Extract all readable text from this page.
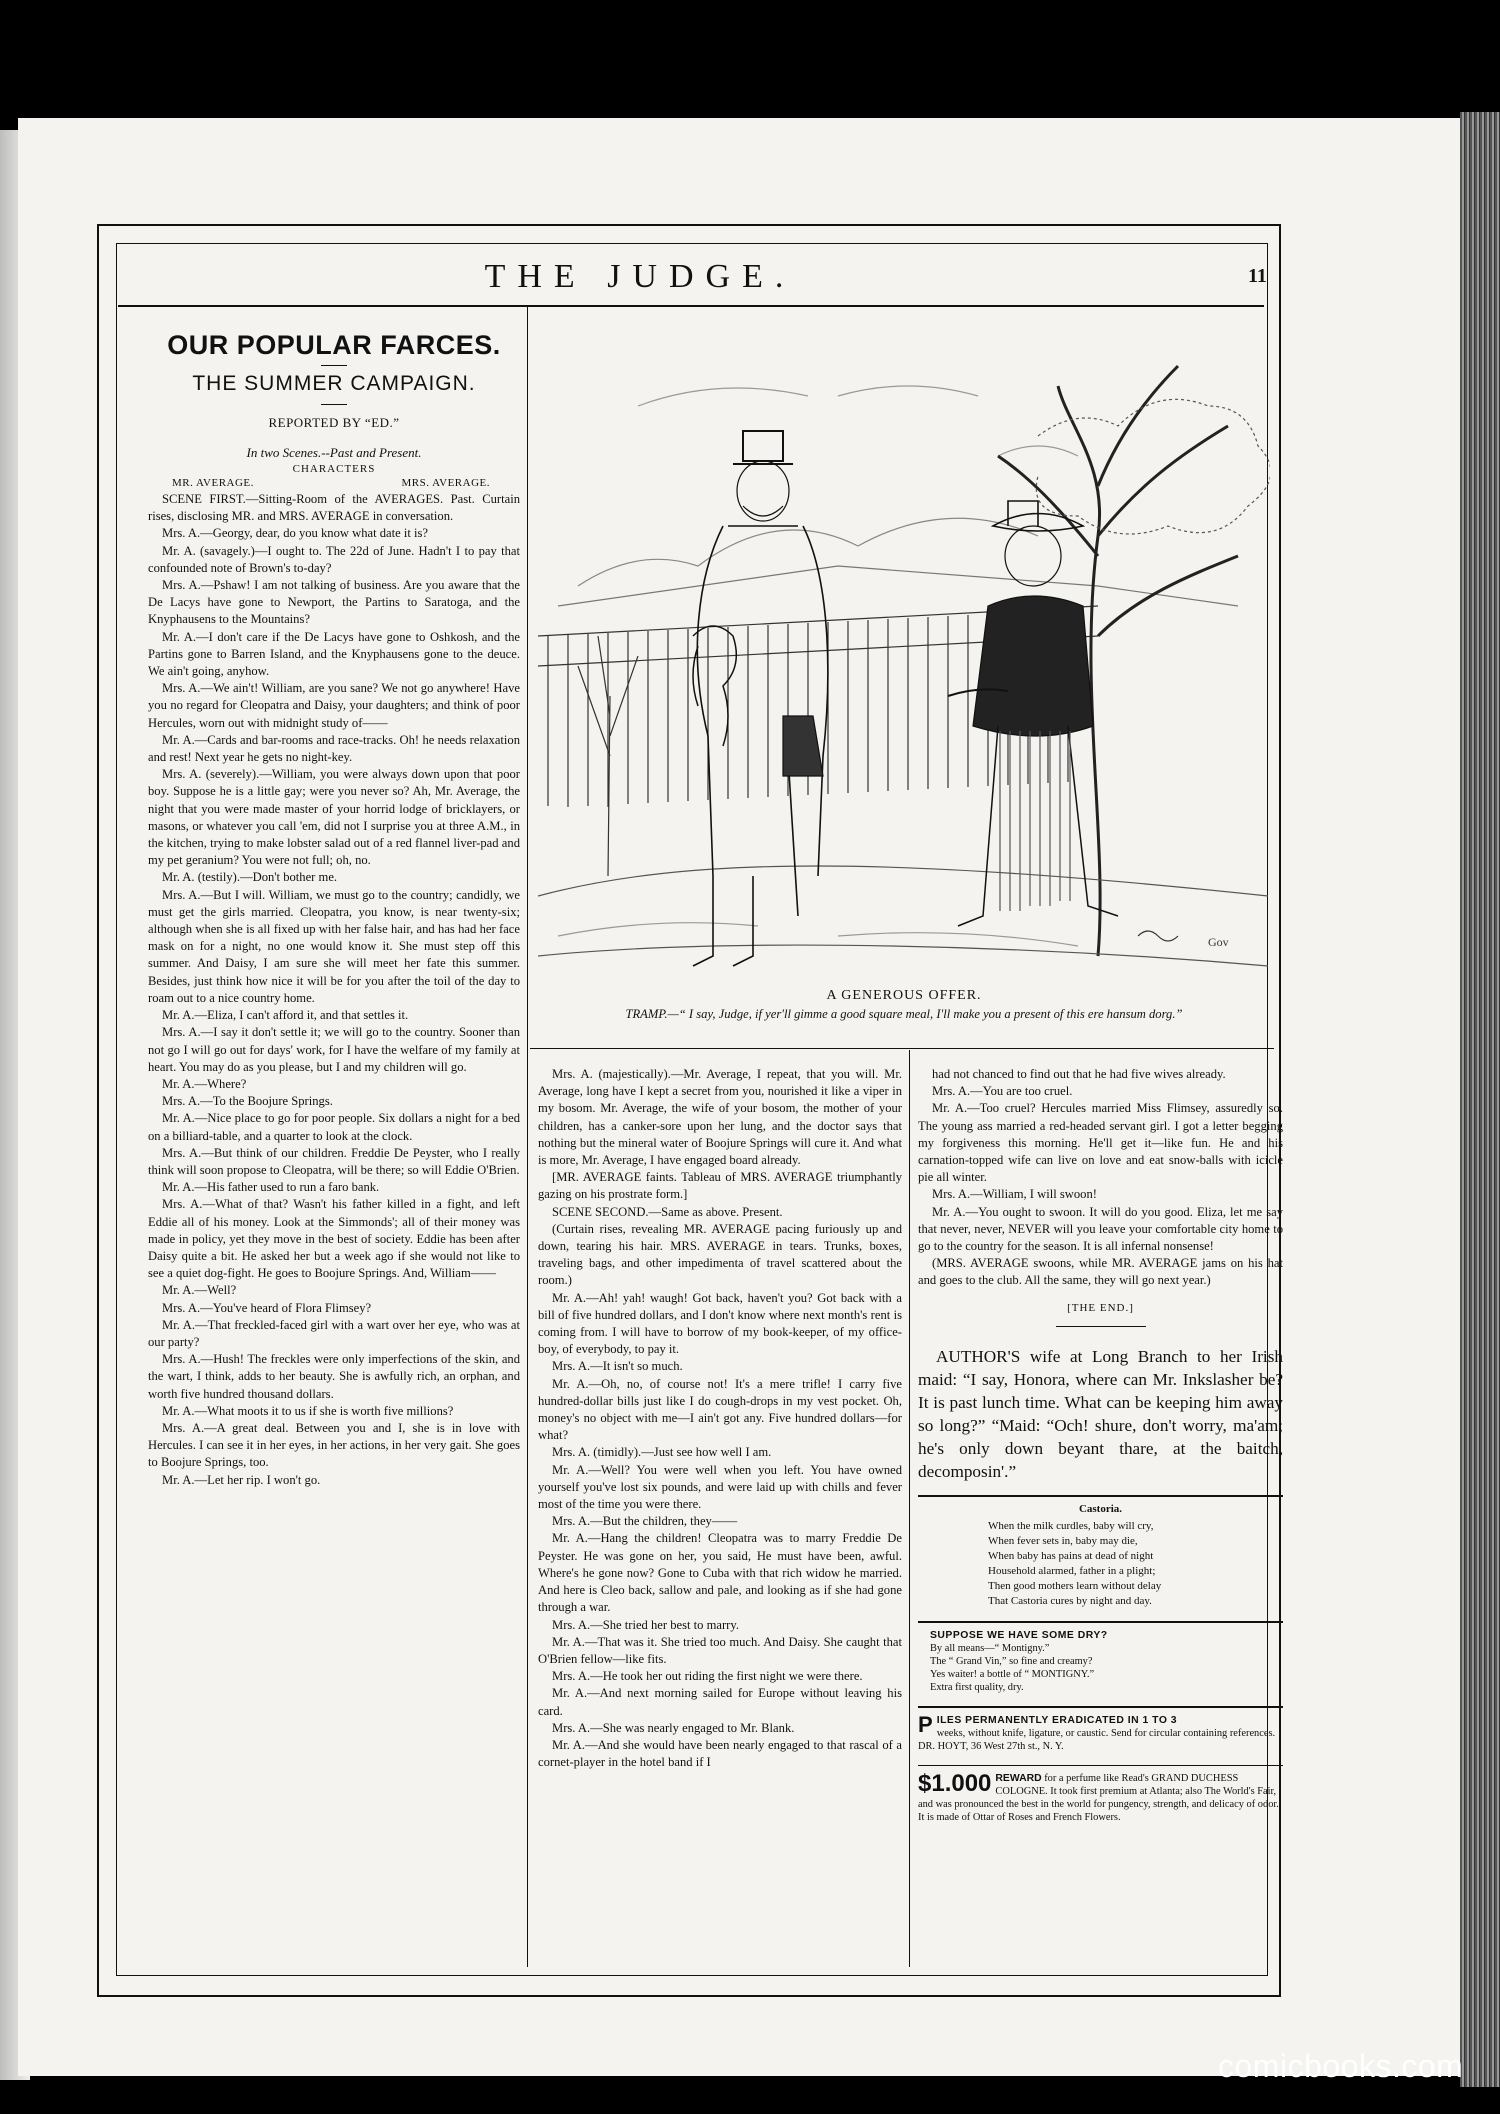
THE JUDGE.	11
OUR POPULAR FARCES.
THE SUMMER CAMPAIGN.
REPORTED BY “ED.”
In two Scenes.--Past and Present.
CHARACTERS
MR. AVERAGE.	MRS. AVERAGE.

SCENE FIRST.—Sitting-Room of the AVERAGES. Past. Curtain rises, disclosing MR. and MRS. AVERAGE in conversation.

Mrs. A.—Georgy, dear, do you know what date it is?

Mr. A. (savagely.)—I ought to. The 22d of June. Hadn't I to pay that confounded note of Brown's to-day?

Mrs. A.—Pshaw! I am not talking of business. Are you aware that the De Lacys have gone to Newport, the Partins to Saratoga, and the Knyphausens to the Mountains?

Mr. A.—I don't care if the De Lacys have gone to Oshkosh, and the Partins gone to Barren Island, and the Knyphausens gone to the deuce. We ain't going, anyhow.

Mrs. A.—We ain't! William, are you sane? We not go anywhere! Have you no regard for Cleopatra and Daisy, your daughters; and think of poor Hercules, worn out with midnight study of——

Mr. A.—Cards and bar-rooms and race-tracks. Oh! he needs relaxation and rest! Next year he gets no night-key.

Mrs. A. (severely).—William, you were always down upon that poor boy. Suppose he is a little gay; were you never so? Ah, Mr. Average, the night that you were made master of your horrid lodge of bricklayers, or masons, or whatever you call 'em, did not I surprise you at three A.M., in the kitchen, trying to make lobster salad out of a red flannel liver-pad and my pet geranium? You were not full; oh, no.

Mr. A. (testily).—Don't bother me.

Mrs. A.—But I will. William, we must go to the country; candidly, we must get the girls married. Cleopatra, you know, is near twenty-six; although when she is all fixed up with her false hair, and has had her face mask on for a night, no one would know it. She must step off this summer. And Daisy, I am sure she will meet her fate this summer. Besides, just think how nice it will be for you after the toil of the day to roam out to a nice country home.

Mr. A.—Eliza, I can't afford it, and that settles it.

Mrs. A.—I say it don't settle it; we will go to the country. Sooner than not go I will go out for days' work, for I have the welfare of my family at heart. You may do as you please, but I and my children will go.

Mr. A.—Where?

Mrs. A.—To the Boojure Springs.

Mr. A.—Nice place to go for poor people. Six dollars a night for a bed on a billiard-table, and a quarter to look at the clock.

Mrs. A.—But think of our children. Freddie De Peyster, who I really think will soon propose to Cleopatra, will be there; so will Eddie O'Brien.

Mr. A.—His father used to run a faro bank.

Mrs. A.—What of that? Wasn't his father killed in a fight, and left Eddie all of his money. Look at the Simmonds'; all of their money was made in policy, yet they move in the best of society. Eddie has been after Daisy quite a bit. He asked her but a week ago if she would not like to see a quiet dog-fight. He goes to Boojure Springs. And, William——

Mr. A.—Well?

Mrs. A.—You've heard of Flora Flimsey?

Mr. A.—That freckled-faced girl with a wart over her eye, who was at our party?

Mrs. A.—Hush! The freckles were only imperfections of the skin, and the wart, I think, adds to her beauty. She is awfully rich, an orphan, and worth five hundred thousand dollars.

Mr. A.—What moots it to us if she is worth five millions?

Mrs. A.—A great deal. Between you and I, she is in love with Hercules. I can see it in her eyes, in her actions, in her very gait. She goes to Boojure Springs, too.

Mr. A.—Let her rip. I won't go.

Gov
A GENEROUS OFFER.
TRAMP.—“ I say, Judge, if yer'll gimme a good square meal, I'll make you a present of this ere hansum dorg.”

Mrs. A. (majestically).—Mr. Average, I repeat, that you will. Mr. Average, long have I kept a secret from you, nourished it like a viper in my bosom. Mr. Average, the wife of your bosom, the mother of your children, has a canker-sore upon her lung, and the doctor says that nothing but the mineral water of Boojure Springs will cure it. And what is more, Mr. Average, I have engaged board already.

[MR. AVERAGE faints. Tableau of MRS. AVERAGE triumphantly gazing on his prostrate form.]

SCENE SECOND.—Same as above. Present.

(Curtain rises, revealing MR. AVERAGE pacing furiously up and down, tearing his hair. MRS. AVERAGE in tears. Trunks, boxes, traveling bags, and other impedimenta of travel scattered about the room.)

Mr. A.—Ah! yah! waugh! Got back, haven't you? Got back with a bill of five hundred dollars, and I don't know where next month's rent is coming from. I will have to borrow of my book-keeper, of my office-boy, of everybody, to pay it.

Mrs. A.—It isn't so much.

Mr. A.—Oh, no, of course not! It's a mere trifle! I carry five hundred-dollar bills just like I do cough-drops in my vest pocket. Oh, money's no object with me—I ain't got any. Five hundred dollars—for what?

Mrs. A. (timidly).—Just see how well I am.

Mr. A.—Well? You were well when you left. You have owned yourself you've lost six pounds, and were laid up with chills and fever most of the time you were there.

Mrs. A.—But the children, they——

Mr. A.—Hang the children! Cleopatra was to marry Freddie De Peyster. He was gone on her, you said, He must have been, awful. Where's he gone now? Gone to Cuba with that rich widow he married. And here is Cleo back, sallow and pale, and looking as if she had gone through a war.

Mrs. A.—She tried her best to marry.

Mr. A.—That was it. She tried too much. And Daisy. She caught that O'Brien fellow—like fits.

Mrs. A.—He took her out riding the first night we were there.

Mr. A.—And next morning sailed for Europe without leaving his card.

Mrs. A.—She was nearly engaged to Mr. Blank.

Mr. A.—And she would have been nearly engaged to that rascal of a cornet-player in the hotel band if I

had not chanced to find out that he had five wives already.

Mrs. A.—You are too cruel.

Mr. A.—Too cruel? Hercules married Miss Flimsey, assuredly so. The young ass married a red-headed servant girl. I got a letter begging my forgiveness this morning. He'll get it—like fun. He and his carnation-topped wife can live on love and eat snow-balls with icicle pie all winter.

Mrs. A.—William, I will swoon!

Mr. A.—You ought to swoon. It will do you good. Eliza, let me say that never, never, NEVER will you leave your comfortable city home to go to the country for the season. It is all infernal nonsense!

(MRS. AVERAGE swoons, while MR. AVERAGE jams on his hat and goes to the club. All the same, they will go next year.)

[THE END.]

AUTHOR'S wife at Long Branch to her Irish maid: “I say, Honora, where can Mr. Inkslasher be? It is past lunch time. What can be keeping him away so long?” “Maid: “Och! shure, don't worry, ma'am; he's only down beyant thare, at the baitch, decomposin'.”

Castoria.
When the milk curdles, baby will cry,
When fever sets in, baby may die,
When baby has pains at dead of night
Household alarmed, father in a plight;
Then good mothers learn without delay
That Castoria cures by night and day.
SUPPOSE WE HAVE SOME DRY?
By all means—“ Montigny.”
The “ Grand Vin,” so fine and creamy?
Yes waiter! a bottle of “ MONTIGNY.”
Extra first quality, dry.
P ILES PERMANENTLY ERADICATED IN 1 TO 3
weeks, without knife, ligature, or caustic. Send for circular containing references. DR. HOYT, 36 West 27th st., N. Y.
$1.000 REWARD for a perfume like Read's GRAND DUCHESS COLOGNE. It took first premium at Atlanta; also The World's Fair, and was pronounced the best in the world for pungency, strength, and delicacy of odor. It is made of Ottar of Roses and French Flowers.
comicbooks.com
